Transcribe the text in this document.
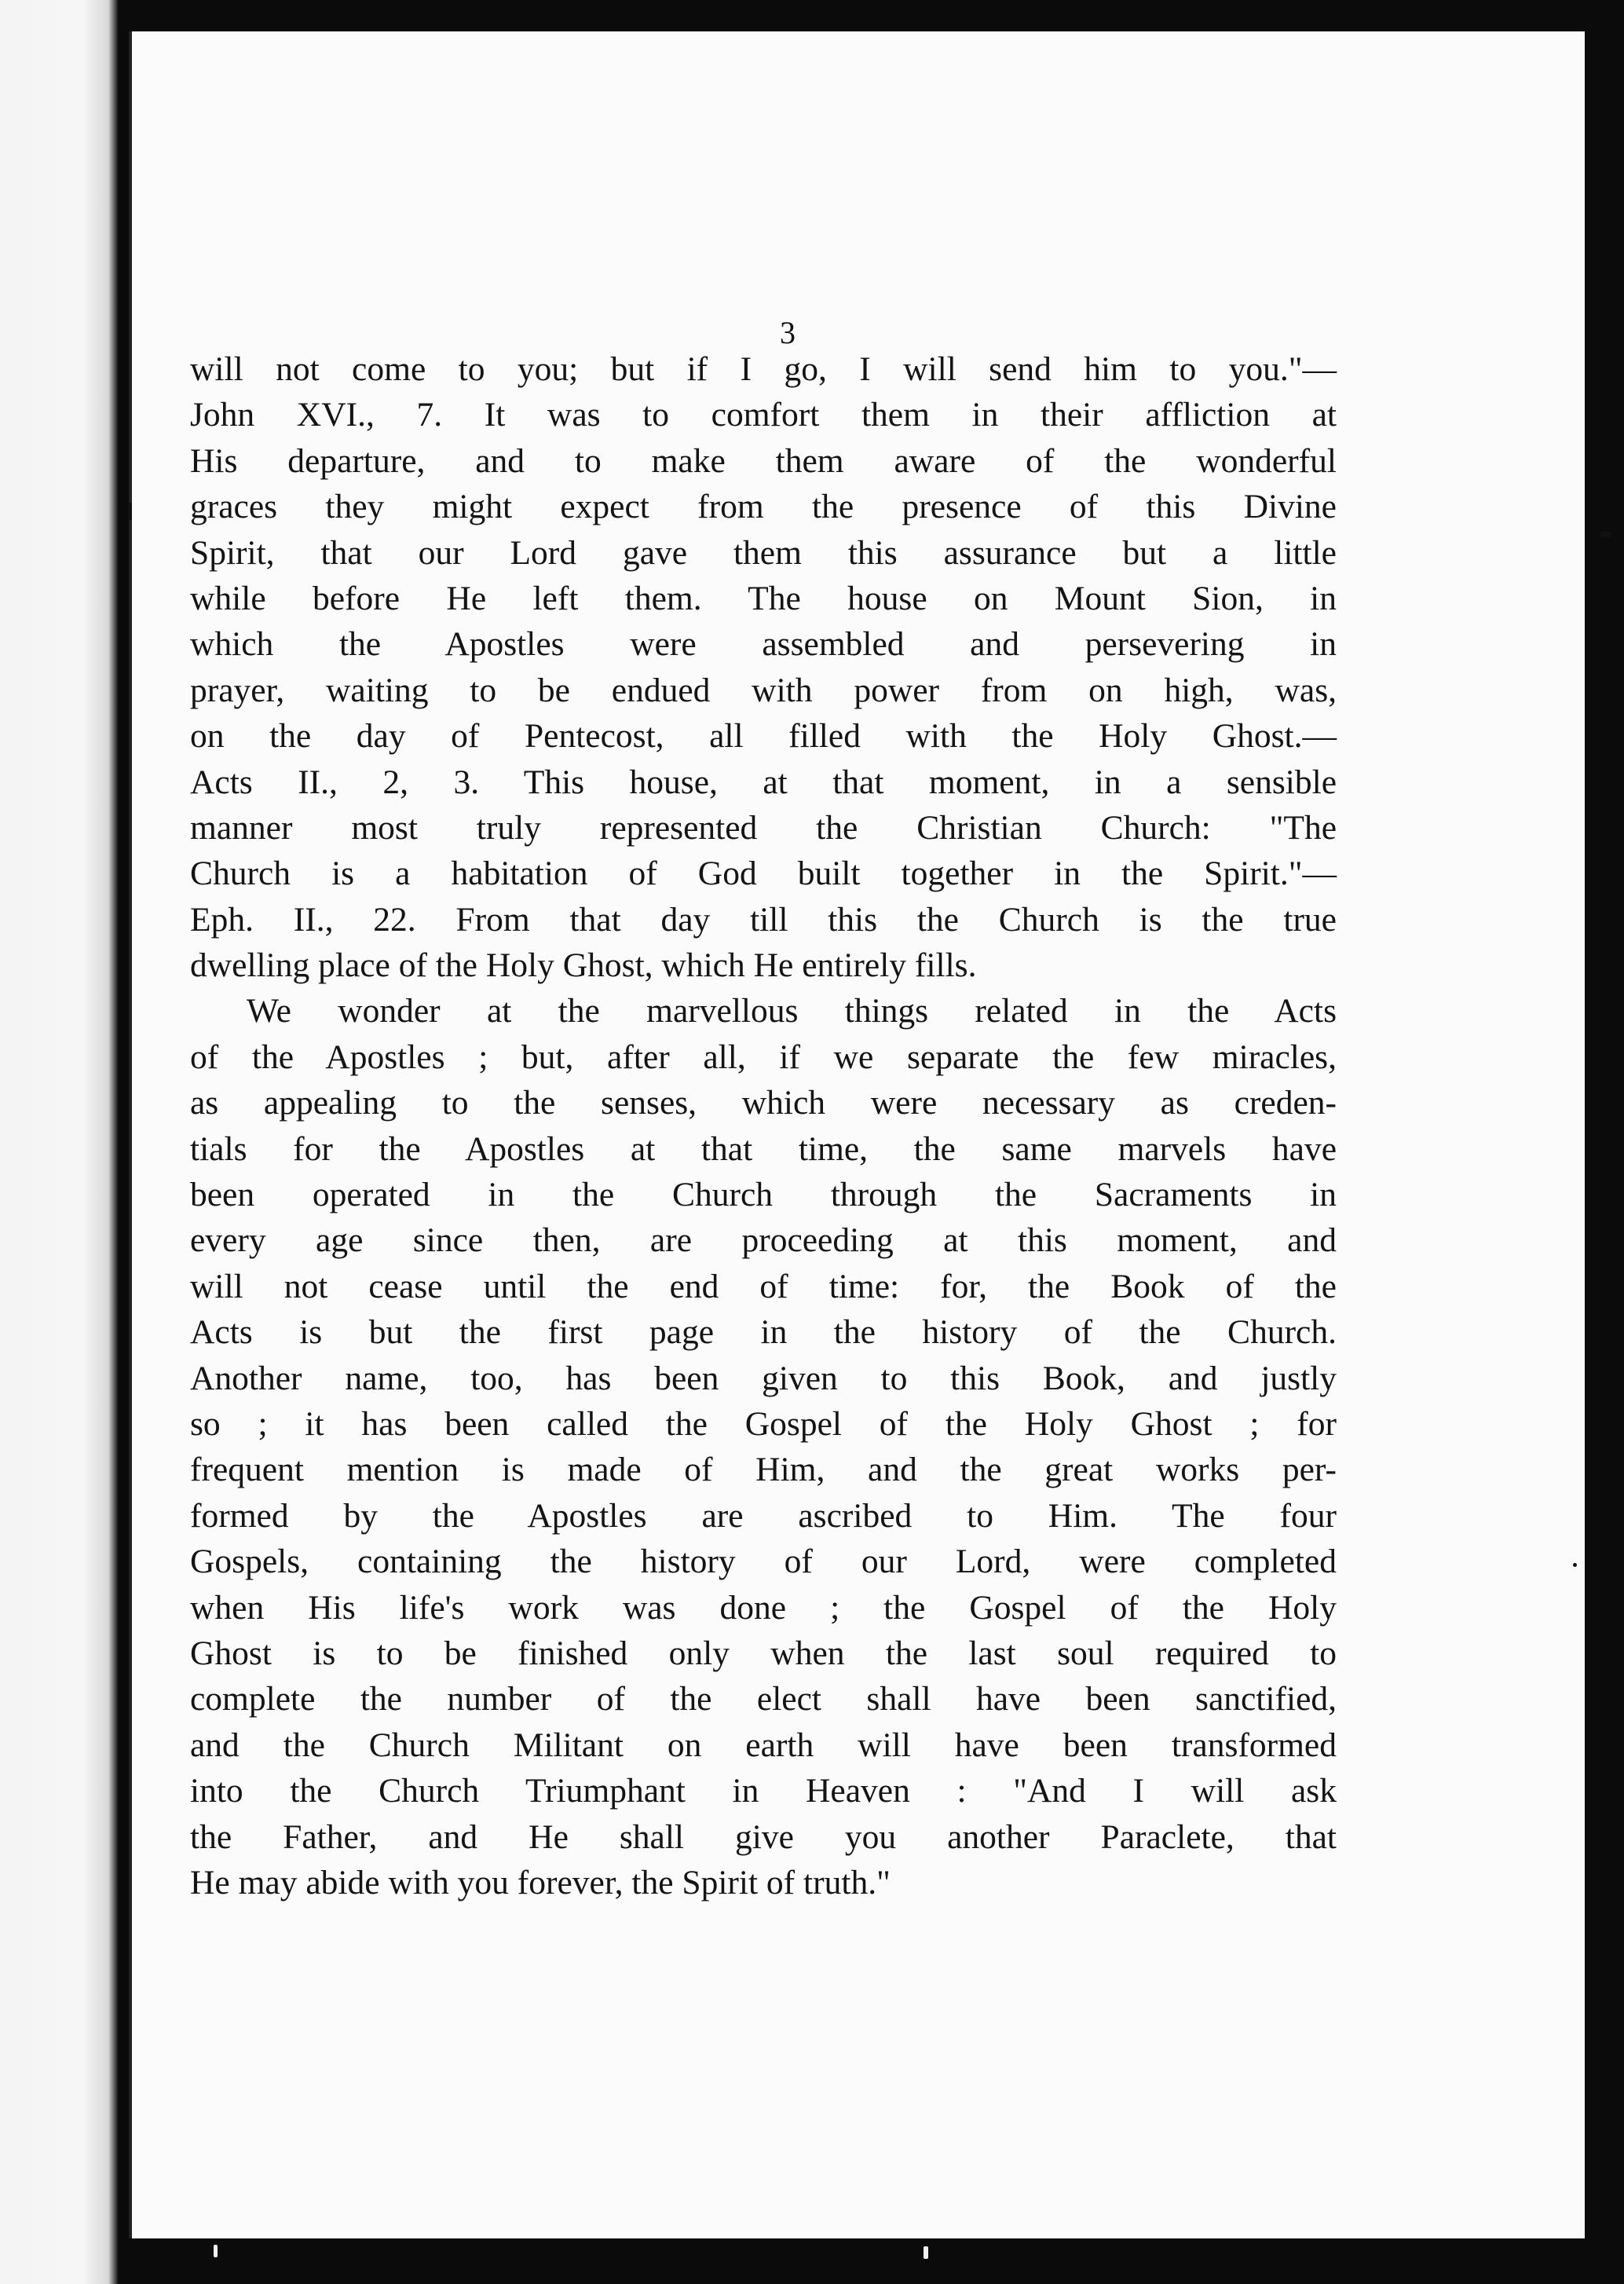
3
will not come to you; but if I go, I will send him to you."—
John XVI., 7. It was to comfort them in their affliction at
His departure, and to make them aware of the wonderful
graces they might expect from the presence of this Divine
Spirit, that our Lord gave them this assurance but a little
while before He left them. The house on Mount Sion, in
which the Apostles were assembled and persevering in
prayer, waiting to be endued with power from on high, was,
on the day of Pentecost, all filled with the Holy Ghost.—
Acts II., 2, 3. This house, at that moment, in a sensible
manner most truly represented the Christian Church: "The
Church is a habitation of God built together in the Spirit."—
Eph. II., 22. From that day till this the Church is the true
dwelling place of the Holy Ghost, which He entirely fills.
We wonder at the marvellous things related in the Acts
of the Apostles ; but, after all, if we separate the few miracles,
as appealing to the senses, which were necessary as creden-
tials for the Apostles at that time, the same marvels have
been operated in the Church through the Sacraments in
every age since then, are proceeding at this moment, and
will not cease until the end of time: for, the Book of the
Acts is but the first page in the history of the Church.
Another name, too, has been given to this Book, and justly
so ; it has been called the Gospel of the Holy Ghost ; for
frequent mention is made of Him, and the great works per-
formed by the Apostles are ascribed to Him. The four
Gospels, containing the history of our Lord, were completed
when His life's work was done ; the Gospel of the Holy
Ghost is to be finished only when the last soul required to
complete the number of the elect shall have been sanctified,
and the Church Militant on earth will have been transformed
into the Church Triumphant in Heaven : "And I will ask
the Father, and He shall give you another Paraclete, that
He may abide with you forever, the Spirit of truth."
